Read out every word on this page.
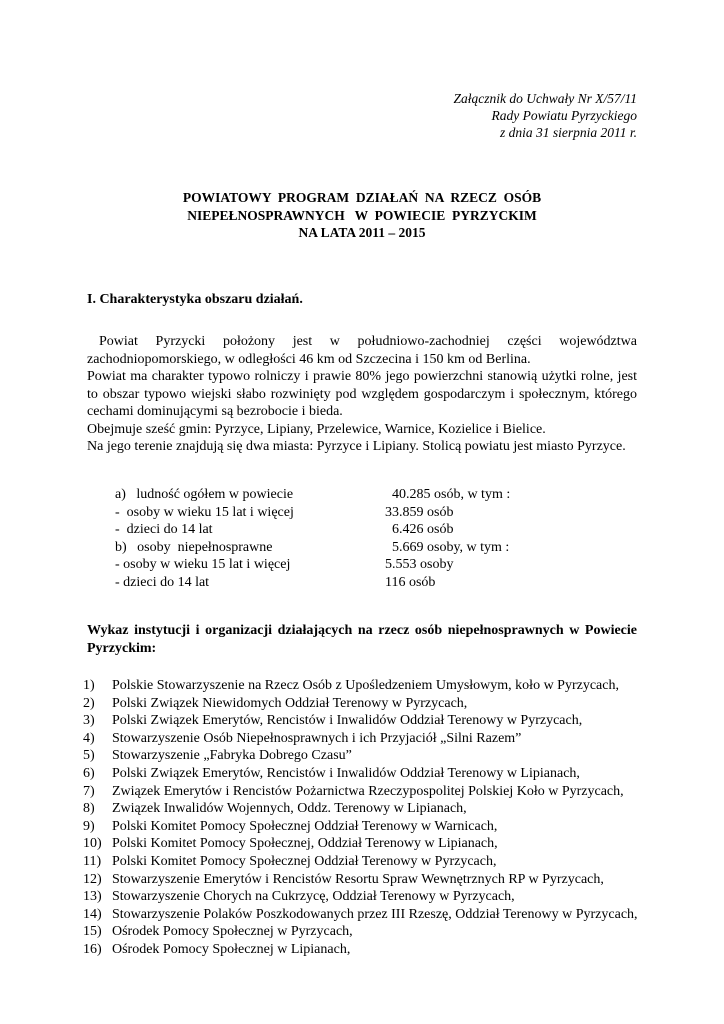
Załącznik do Uchwały Nr X/57/11
Rady Powiatu Pyrzyckiego
z dnia 31 sierpnia 2011 r.
POWIATOWY  PROGRAM  DZIAŁAŃ  NA  RZECZ  OSÓB
NIEPEŁNOSPRAWNYCH   W  POWIECIE  PYRZYCKIM
NA LATA 2011 – 2015
I. Charakterystyka obszaru działań.

Powiat Pyrzycki położony jest w południowo-zachodniej części województwa zachodniopomorskiego, w odległości 46 km od Szczecina i 150 km od Berlina.

Powiat ma charakter typowo rolniczy i prawie 80% jego powierzchni stanowią użytki rolne, jest to obszar typowo wiejski słabo rozwinięty pod względem gospodarczym i społecznym, którego cechami dominującymi są bezrobocie i bieda.

Obejmuje sześć gmin: Pyrzyce, Lipiany, Przelewice, Warnice, Kozielice i Bielice.

Na jego terenie znajdują się dwa miasta: Pyrzyce i Lipiany. Stolicą powiatu jest miasto Pyrzyce.

a)   ludność ogółem w powiecie	40.285 osób, w tym :
-  osoby w wieku 15 lat i więcej	33.859 osób
-  dzieci do 14 lat	6.426 osób
b)   osoby  niepełnosprawne	5.669 osoby, w tym :
- osoby w wieku 15 lat i więcej	5.553 osoby
- dzieci do 14 lat	116 osób
Wykaz instytucji i organizacji działających na rzecz osób niepełnosprawnych w Powiecie Pyrzyckim:
1) Polskie Stowarzyszenie na Rzecz Osób z Upośledzeniem Umysłowym, koło w Pyrzycach,
2) Polski Związek Niewidomych Oddział Terenowy w Pyrzycach,
3) Polski Związek Emerytów, Rencistów i Inwalidów Oddział Terenowy w Pyrzycach,
4) Stowarzyszenie Osób Niepełnosprawnych i ich Przyjaciół „Silni Razem”
5) Stowarzyszenie „Fabryka Dobrego Czasu”
6) Polski Związek Emerytów, Rencistów i Inwalidów Oddział Terenowy w Lipianach,
7) Związek Emerytów i Rencistów Pożarnictwa Rzeczypospolitej Polskiej Koło w Pyrzycach,
8) Związek Inwalidów Wojennych, Oddz. Terenowy w Lipianach,
9) Polski Komitet Pomocy Społecznej Oddział Terenowy w Warnicach,
10) Polski Komitet Pomocy Społecznej, Oddział Terenowy w Lipianach,
11) Polski Komitet Pomocy Społecznej Oddział Terenowy w Pyrzycach,
12) Stowarzyszenie Emerytów i Rencistów Resortu Spraw Wewnętrznych RP w Pyrzycach,
13) Stowarzyszenie Chorych na Cukrzycę, Oddział Terenowy w Pyrzycach,
14) Stowarzyszenie Polaków Poszkodowanych przez III Rzeszę, Oddział Terenowy w Pyrzycach,
15) Ośrodek Pomocy Społecznej w Pyrzycach,
16) Ośrodek Pomocy Społecznej w Lipianach,
